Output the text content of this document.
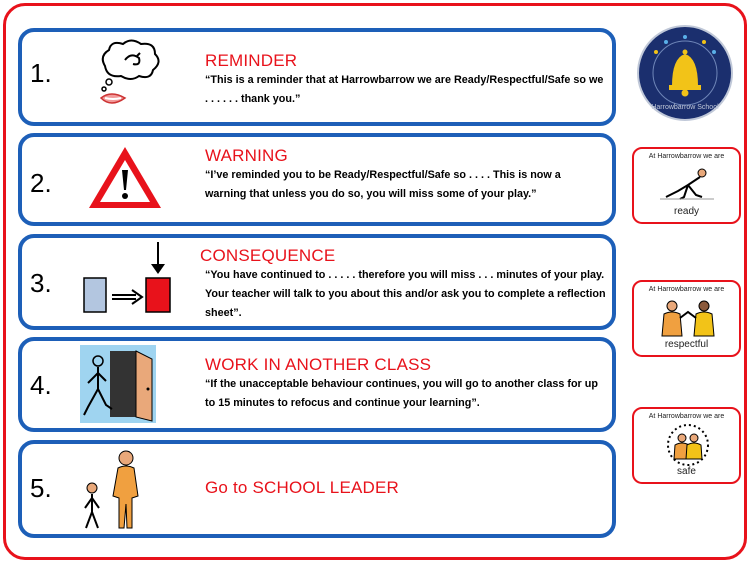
1.	REMINDER
“This is a reminder that at Harrowbarrow we are Ready/Respectful/Safe so we . . . . . . thank you.”
2.
WARNING
“I’ve reminded you to be Ready/Respectful/Safe so . . . . This is now a warning that unless you do so, you will miss some of your play.”
3.
CONSEQUENCE
“You have continued to . . . . . therefore you will miss . . . minutes of your play. Your teacher will talk to you about this and/or ask you to complete a reflection sheet”.
4.
WORK IN ANOTHER CLASS
“If the unacceptable behaviour continues, you will go to another class for up to 15 minutes to refocus and continue your learning”.
5.	Go to SCHOOL LEADER
Harrowbarrow School
At Harrowbarrow we are
ready
At Harrowbarrow we are
respectful
At Harrowbarrow we are
safe
